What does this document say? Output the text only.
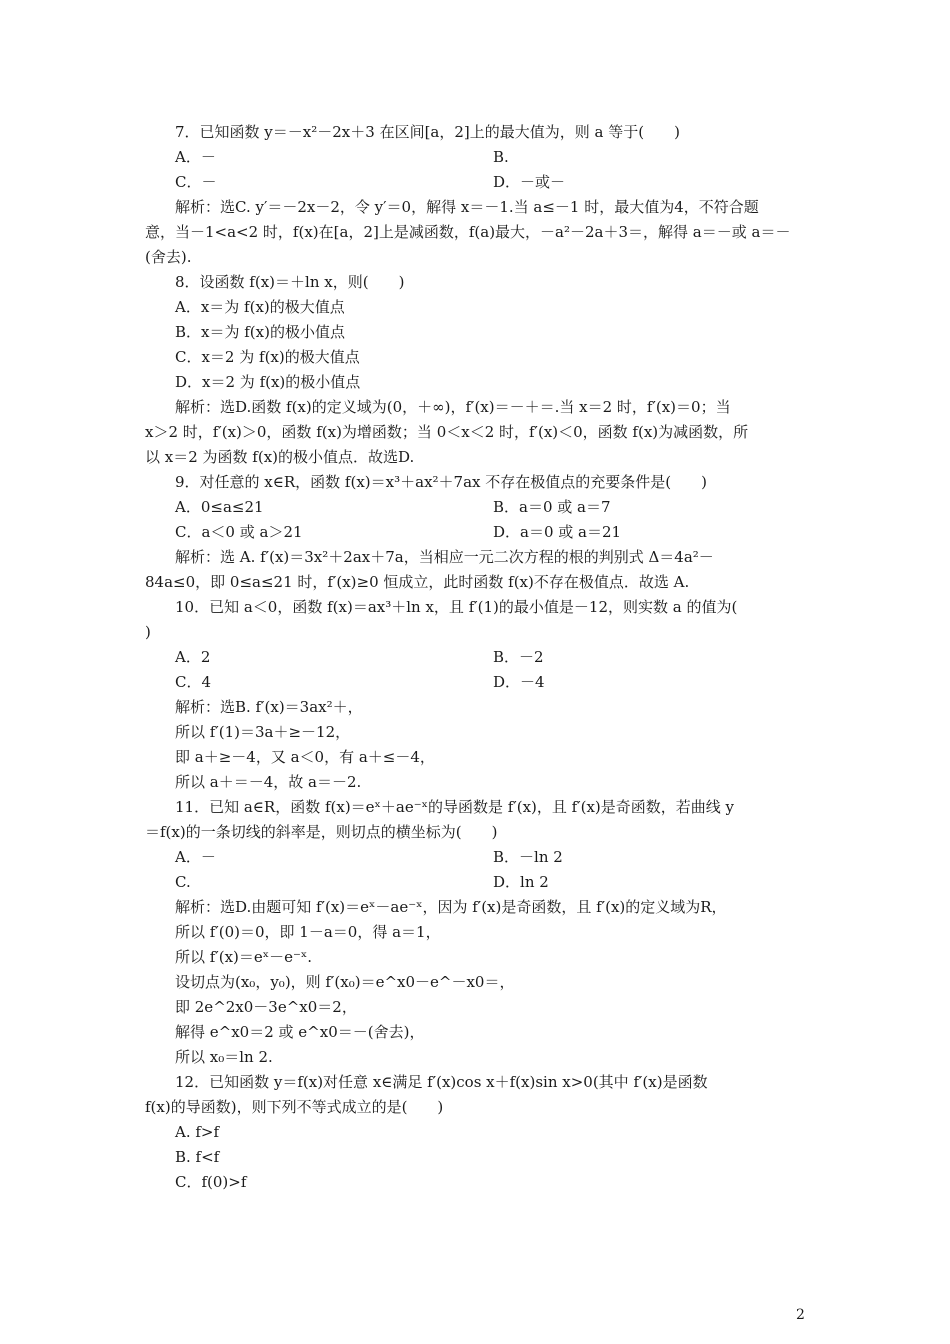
7．已知函数 y＝－x²－2x＋3 在区间[a，2]上的最大值为，则 a 等于(　　)
A．－	B.
C．－	D．－或－
解析：选C. y′＝－2x－2，令 y′＝0，解得 x＝－1.当 a≤－1 时，最大值为4，不符合题
意，当－1<a<2 时，f(x)在[a，2]上是减函数，f(a)最大，－a²－2a＋3＝，解得 a＝－或 a＝－
(舍去).
8．设函数 f(x)＝＋ln x，则(　　)
A．x＝为 f(x)的极大值点
B．x＝为 f(x)的极小值点
C．x＝2 为 f(x)的极大值点
D．x＝2 为 f(x)的极小值点
解析：选D.函数 f(x)的定义域为(0，＋∞)，f′(x)＝－＋＝.当 x＝2 时，f′(x)＝0；当
x＞2 时，f′(x)＞0，函数 f(x)为增函数；当 0＜x＜2 时，f′(x)＜0，函数 f(x)为减函数，所
以 x＝2 为函数 f(x)的极小值点．故选D.
9．对任意的 x∈R，函数 f(x)＝x³＋ax²＋7ax 不存在极值点的充要条件是(　　)
A．0≤a≤21	B．a＝0 或 a＝7
C．a＜0 或 a＞21	D．a＝0 或 a＝21
解析：选 A. f′(x)＝3x²＋2ax＋7a，当相应一元二次方程的根的判别式 Δ＝4a²－
84a≤0，即 0≤a≤21 时，f′(x)≥0 恒成立，此时函数 f(x)不存在极值点．故选 A.
10．已知 a＜0，函数 f(x)＝ax³＋ln x，且 f′(1)的最小值是－12，则实数 a 的值为(
)
A．2	B．－2
C．4	D．－4
解析：选B. f′(x)＝3ax²＋，
所以 f′(1)＝3a＋≥－12，
即 a＋≥－4，又 a＜0，有 a＋≤－4，
所以 a＋＝－4，故 a＝－2.
11．已知 a∈R，函数 f(x)＝eˣ＋ae⁻ˣ的导函数是 f′(x)，且 f′(x)是奇函数，若曲线 y
＝f(x)的一条切线的斜率是，则切点的横坐标为(　　)
A．－	B．－ln 2
C.	D．ln 2
解析：选D.由题可知 f′(x)＝eˣ－ae⁻ˣ，因为 f′(x)是奇函数，且 f′(x)的定义域为R，
所以 f′(0)＝0，即 1－a＝0，得 a＝1，
所以 f′(x)＝eˣ－e⁻ˣ.
设切点为(x₀，y₀)，则 f′(x₀)＝e^x0－e^－x0＝，
即 2e^2x0－3e^x0＝2，
解得 e^x0＝2 或 e^x0＝－(舍去)，
所以 x₀＝ln 2.
12．已知函数 y＝f(x)对任意 x∈满足 f′(x)cos x＋f(x)sin x>0(其中 f′(x)是函数
f(x)的导函数)，则下列不等式成立的是(　　)
A. f>f
B. f<f
C．f(0)>f
2
